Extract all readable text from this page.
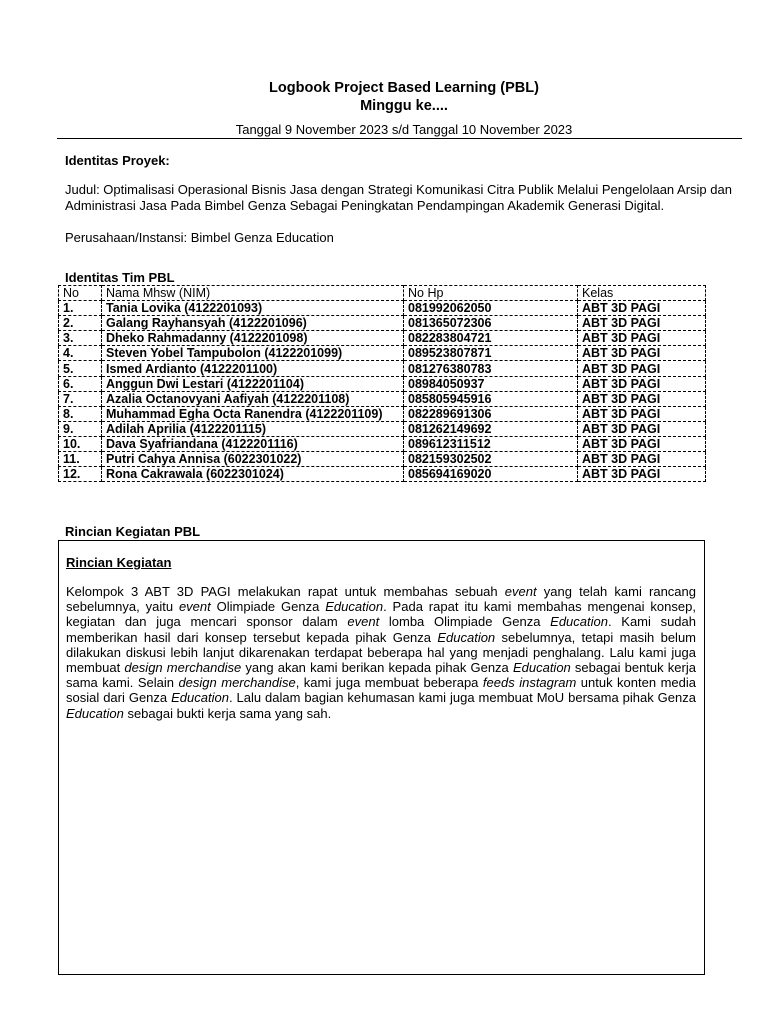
Logbook Project Based Learning (PBL)
Minggu ke....
Tanggal 9 November 2023 s/d Tanggal 10 November 2023
Identitas Proyek:
Judul: Optimalisasi Operasional Bisnis Jasa dengan Strategi Komunikasi Citra Publik Melalui Pengelolaan Arsip dan Administrasi Jasa Pada Bimbel Genza Sebagai Peningkatan Pendampingan Akademik Generasi Digital.
Perusahaan/Instansi: Bimbel Genza Education
Identitas Tim PBL
No	Nama Mhsw (NIM)	No Hp	Kelas
1.	Tania Lovika (4122201093)	081992062050	ABT 3D PAGI
2.	Galang Rayhansyah (4122201096)	081365072306	ABT 3D PAGI
3.	Dheko Rahmadanny (4122201098)	082283804721	ABT 3D PAGI
4.	Steven Yobel Tampubolon (4122201099)	089523807871	ABT 3D PAGI
5.	Ismed Ardianto (4122201100)	081276380783	ABT 3D PAGI
6.	Anggun Dwi Lestari (4122201104)	08984050937	ABT 3D PAGI
7.	Azalia Octanovyani Aafiyah (4122201108)	085805945916	ABT 3D PAGI
8.	Muhammad Egha Octa Ranendra (4122201109)	082289691306	ABT 3D PAGI
9.	Adilah Aprilia (4122201115)	081262149692	ABT 3D PAGI
10.	Dava Syafriandana (4122201116)	089612311512	ABT 3D PAGI
11.	Putri Cahya Annisa (6022301022)	082159302502	ABT 3D PAGI
12.	Rona Cakrawala (6022301024)	085694169020	ABT 3D PAGI
Rincian Kegiatan PBL
Rincian Kegiatan
Kelompok 3 ABT 3D PAGI melakukan rapat untuk membahas sebuah event yang telah kami rancang sebelumnya, yaitu event Olimpiade Genza Education. Pada rapat itu kami membahas mengenai konsep, kegiatan dan juga mencari sponsor dalam event lomba Olimpiade Genza Education. Kami sudah memberikan hasil dari konsep tersebut kepada pihak Genza Education sebelumnya, tetapi masih belum dilakukan diskusi lebih lanjut dikarenakan terdapat beberapa hal yang menjadi penghalang. Lalu kami juga membuat design merchandise yang akan kami berikan kepada pihak Genza Education sebagai bentuk kerja sama kami. Selain design merchandise, kami juga membuat beberapa feeds instagram untuk konten media sosial dari Genza Education. Lalu dalam bagian kehumasan kami juga membuat MoU bersama pihak Genza Education sebagai bukti kerja sama yang sah.
